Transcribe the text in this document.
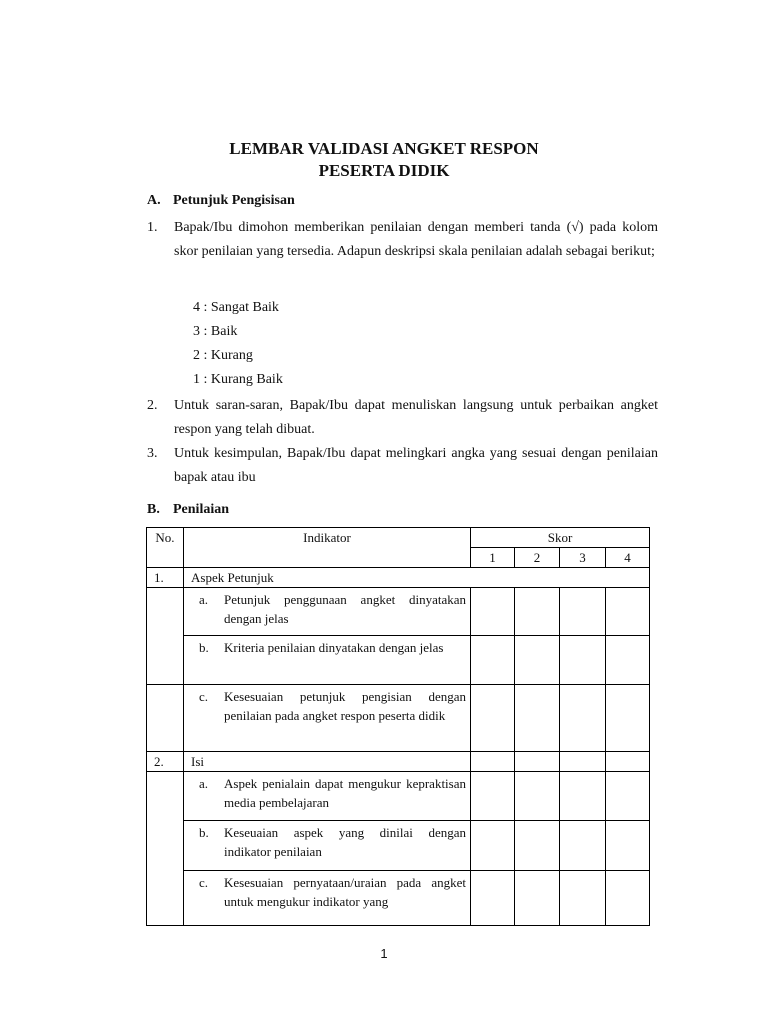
LEMBAR VALIDASI ANGKET RESPON
PESERTA DIDIK
A. Petunjuk Pengisisan
1. Bapak/Ibu dimohon memberikan penilaian dengan memberi tanda (√) pada kolom skor penilaian yang tersedia. Adapun deskripsi skala penilaian adalah sebagai berikut;
4 : Sangat Baik
3 : Baik
2 : Kurang
1 : Kurang Baik
2. Untuk saran-saran, Bapak/Ibu dapat menuliskan langsung untuk perbaikan angket respon yang telah dibuat.
3. Untuk kesimpulan, Bapak/Ibu dapat melingkari angka yang sesuai dengan penilaian bapak atau ibu
B. Penilaian
No.	Indikator	Skor			
		1	2	3	4
1.	Aspek Petunjuk				

	a. Petunjuk penggunaan angket dinyatakan dengan jelas				

	b. Kriteria penilaian dinyatakan dengan jelas				

	c. Kesesuaian petunjuk pengisian dengan penilaian pada angket respon peserta didik				

2.	Isi				

	a. Aspek penialain dapat mengukur kepraktisan media pembelajaran				

	b. Keseuaian aspek yang dinilai dengan indikator penilaian				

	c. Kesesuaian pernyataan/uraian pada angket untuk mengukur indikator yang				

1
